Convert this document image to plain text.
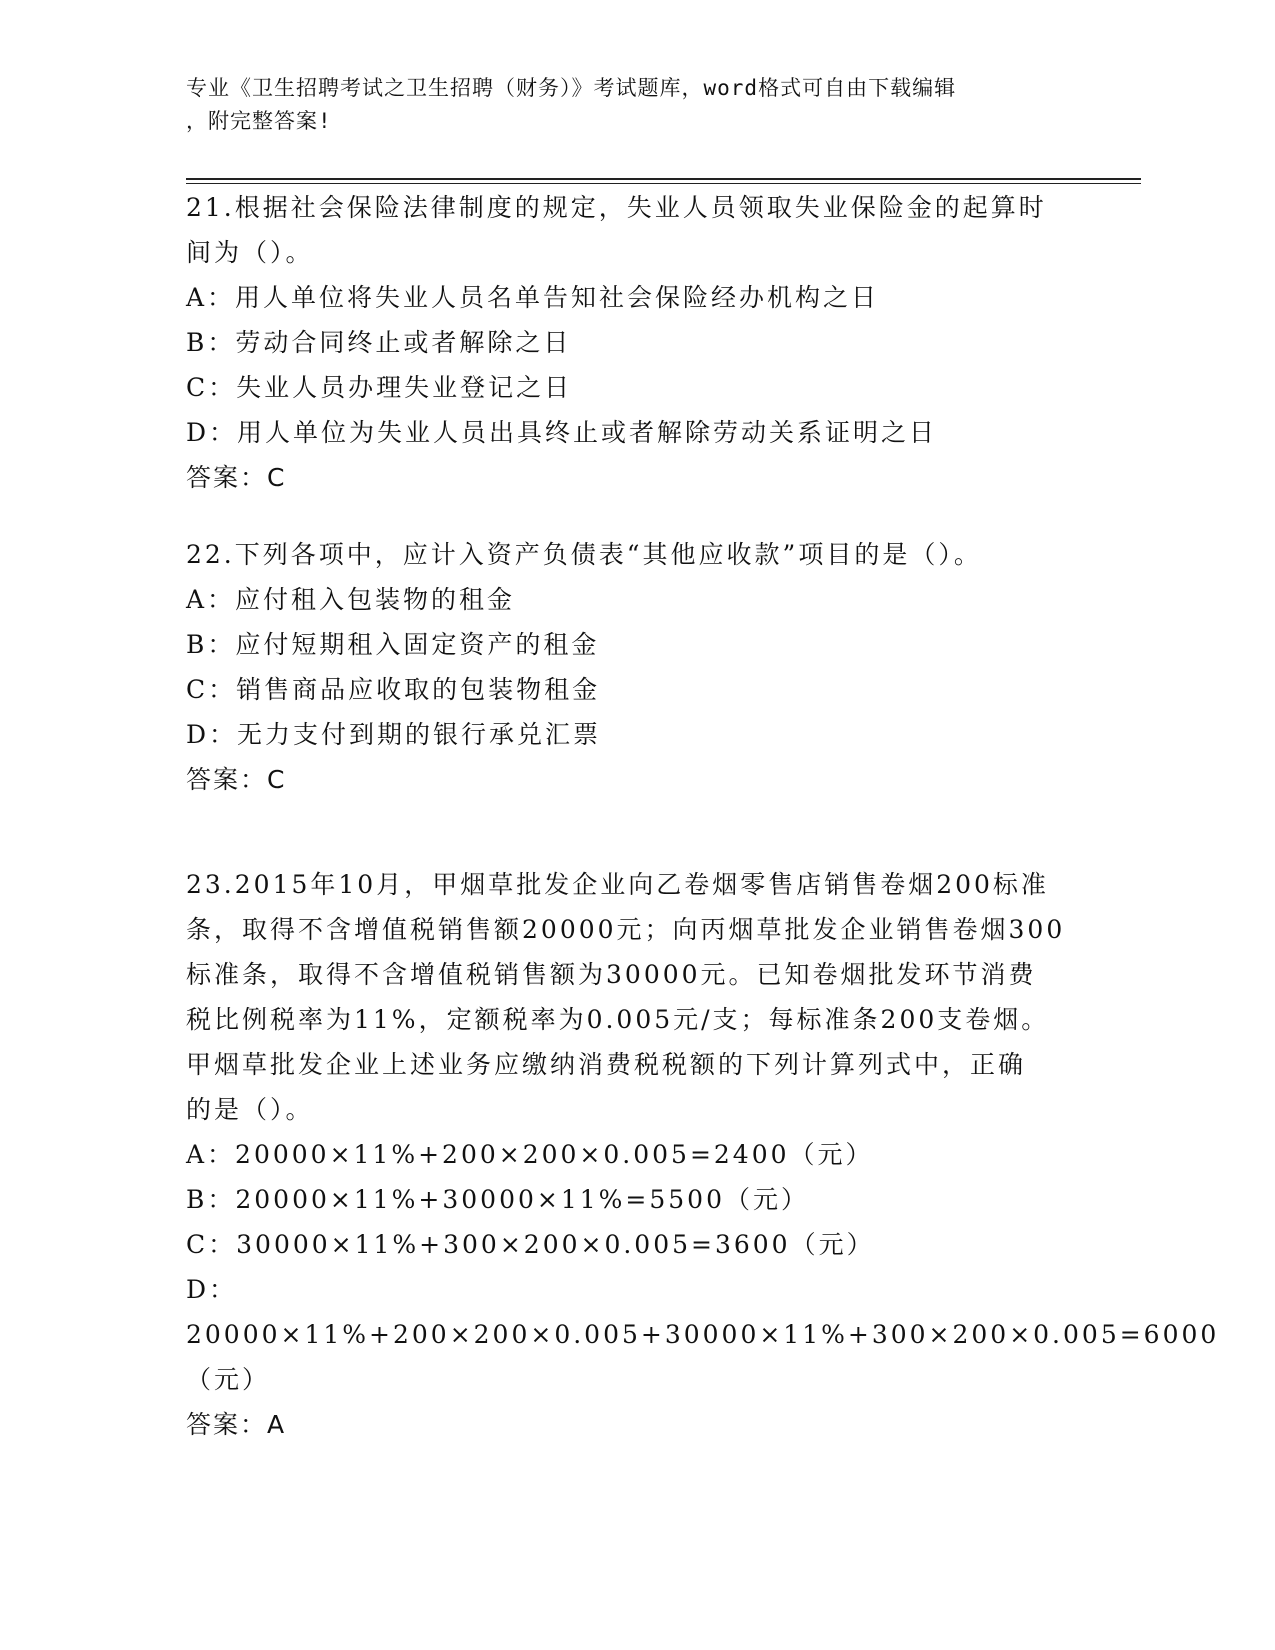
专业《卫生招聘考试之卫生招聘（财务）》考试题库，word格式可自由下载编辑
，附完整答案!
21.根据社会保险法律制度的规定，失业人员领取失业保险金的起算时
间为（）。
A：用人单位将失业人员名单告知社会保险经办机构之日
B：劳动合同终止或者解除之日
C：失业人员办理失业登记之日
D：用人单位为失业人员出具终止或者解除劳动关系证明之日
答案：C
22.下列各项中，应计入资产负债表“其他应收款”项目的是（）。
A：应付租入包装物的租金
B：应付短期租入固定资产的租金
C：销售商品应收取的包装物租金
D：无力支付到期的银行承兑汇票
答案：C
23.2015年10月，甲烟草批发企业向乙卷烟零售店销售卷烟200标准
条，取得不含增值税销售额20000元；向丙烟草批发企业销售卷烟300
标准条，取得不含增值税销售额为30000元。已知卷烟批发环节消费
税比例税率为11%，定额税率为0.005元/支；每标准条200支卷烟。
甲烟草批发企业上述业务应缴纳消费税税额的下列计算列式中，正确
的是（）。
A：20000×11%+200×200×0.005=2400（元）
B：20000×11%+30000×11%=5500（元）
C：30000×11%+300×200×0.005=3600（元）
D：20000×11%+200×200×0.005+30000×11%+300×200×0.005=6000
（元）
答案：A
